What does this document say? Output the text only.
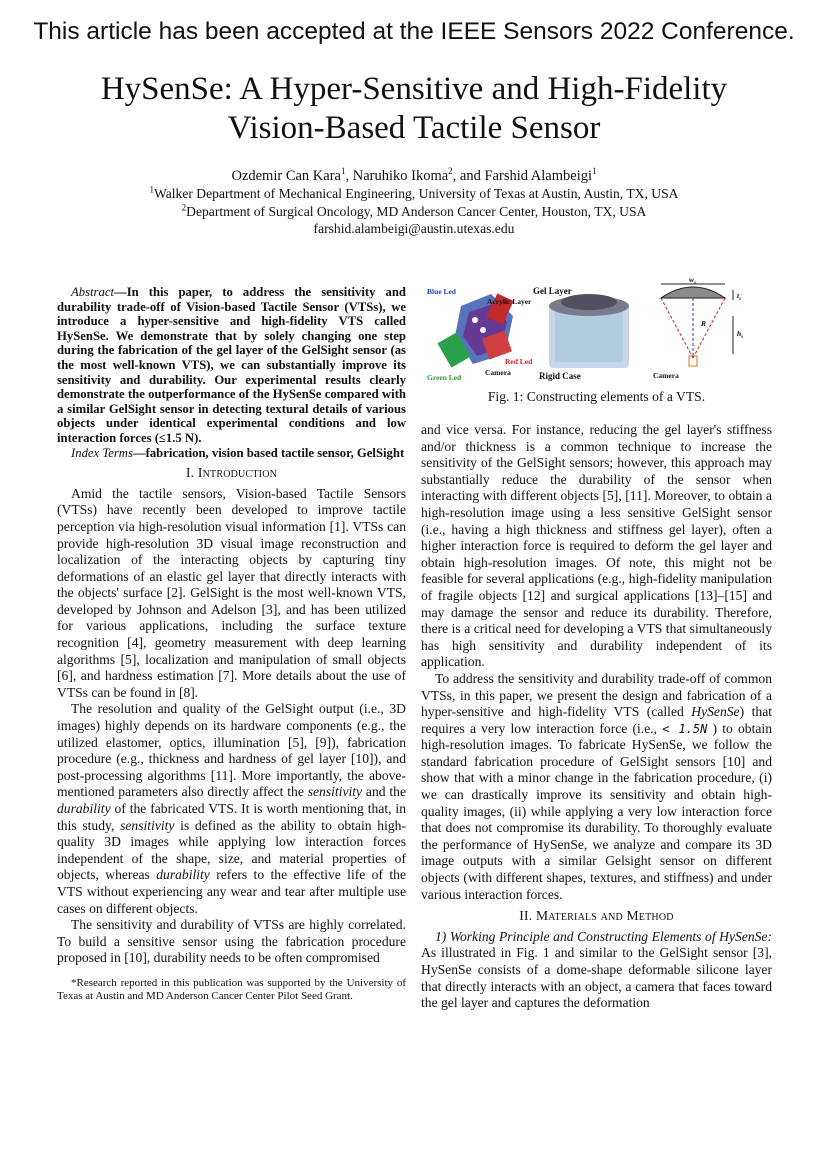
This article has been accepted at the IEEE Sensors 2022 Conference.
HySenSe: A Hyper-Sensitive and High-Fidelity
Vision-Based Tactile Sensor
Ozdemir Can Kara$^1$, Naruhiko Ikoma$^2$, and Farshid Alambeigi$^1$
$^1$Walker Department of Mechanical Engineering, University of Texas at Austin, Austin, TX, USA
$^2$Department of Surgical Oncology, MD Anderson Cancer Center, Houston, TX, USA
farshid.alambeigi@austin.utexas.edu

Abstract—In this paper, to address the sensitivity and durability trade-off of Vision-based Tactile Sensor (VTSs), we introduce a hyper-sensitive and high-fidelity VTS called HySenSe. We demonstrate that by solely changing one step during the fabrication of the gel layer of the GelSight sensor (as the most well-known VTS), we can substantially improve its sensitivity and durability. Our experimental results clearly demonstrate the outperformance of the HySenSe compared with a similar GelSight sensor in detecting textural details of various objects under identical experimental conditions and low interaction forces (≤1.5 N).

Index Terms—fabrication, vision based tactile sensor, GelSight

I. Introduction

Amid the tactile sensors, Vision-based Tactile Sensors (VTSs) have recently been developed to improve tactile perception via high-resolution visual information [1]. VTSs can provide high-resolution 3D visual image reconstruction and localization of the interacting objects by capturing tiny deformations of an elastic gel layer that directly interacts with the objects' surface [2]. GelSight is the most well-known VTS, developed by Johnson and Adelson [3], and has been utilized for various applications, including the surface texture recognition [4], geometry measurement with deep learning algorithms [5], localization and manipulation of small objects [6], and hardness estimation [7]. More details about the use of VTSs can be found in [8].

The resolution and quality of the GelSight output (i.e., 3D images) highly depends on its hardware components (e.g., the utilized elastomer, optics, illumination [5], [9]), fabrication procedure (e.g., thickness and hardness of gel layer [10]), and post-processing algorithms [11]. More importantly, the above-mentioned parameters also directly affect the sensitivity and the durability of the fabricated VTS. It is worth mentioning that, in this study, sensitivity is defined as the ability to obtain high-quality 3D images while applying low interaction forces independent of the shape, size, and material properties of objects, whereas durability refers to the effective life of the VTS without experiencing any wear and tear after multiple use cases on different objects.

The sensitivity and durability of VTSs are highly correlated. To build a sensitive sensor using the fabrication procedure proposed in [10], durability needs to be often compromised

*Research reported in this publication was supported by the University of Texas at Austin and MD Anderson Cancer Center Pilot Seed Grant.

Blue Led
Acrylic Layer
Gel Layer
Red Led
Green Led
Camera	Rigid Case	Camera
$w_s$
$t_s$
$h_s$
R
Fig. 1: Constructing elements of a VTS.

and vice versa. For instance, reducing the gel layer's stiffness and/or thickness is a common technique to increase the sensitivity of the GelSight sensors; however, this approach may substantially reduce the durability of the sensor when interacting with different objects [5], [11]. Moreover, to obtain a high-resolution image using a less sensitive GelSight sensor (i.e., having a high thickness and stiffness gel layer), often a higher interaction force is required to deform the gel layer and obtain high-resolution images. Of note, this might not be feasible for several applications (e.g., high-fidelity manipulation of fragile objects [12] and surgical applications [13]–[15] and may damage the sensor and reduce its durability. Therefore, there is a critical need for developing a VTS that simultaneously has high sensitivity and durability independent of its application.

To address the sensitivity and durability trade-off of common VTSs, in this paper, we present the design and fabrication of a hyper-sensitive and high-fidelity VTS (called HySenSe) that requires a very low interaction force (i.e., < 1.5N ) to obtain high-resolution images. To fabricate HySenSe, we follow the standard fabrication procedure of GelSight sensors [10] and show that with a minor change in the fabrication procedure, (i) we can drastically improve its sensitivity and obtain high-quality images, (ii) while applying a very low interaction force that does not compromise its durability. To thoroughly evaluate the performance of HySenSe, we analyze and compare its 3D image outputs with a similar Gelsight sensor on different objects (with different shapes, textures, and stiffness) and under various interaction forces.

II. Materials and Method

1) Working Principle and Constructing Elements of HySenSe: As illustrated in Fig. 1 and similar to the GelSight sensor [3], HySenSe consists of a dome-shape deformable silicone layer that directly interacts with an object, a camera that faces toward the gel layer and captures the deformation
